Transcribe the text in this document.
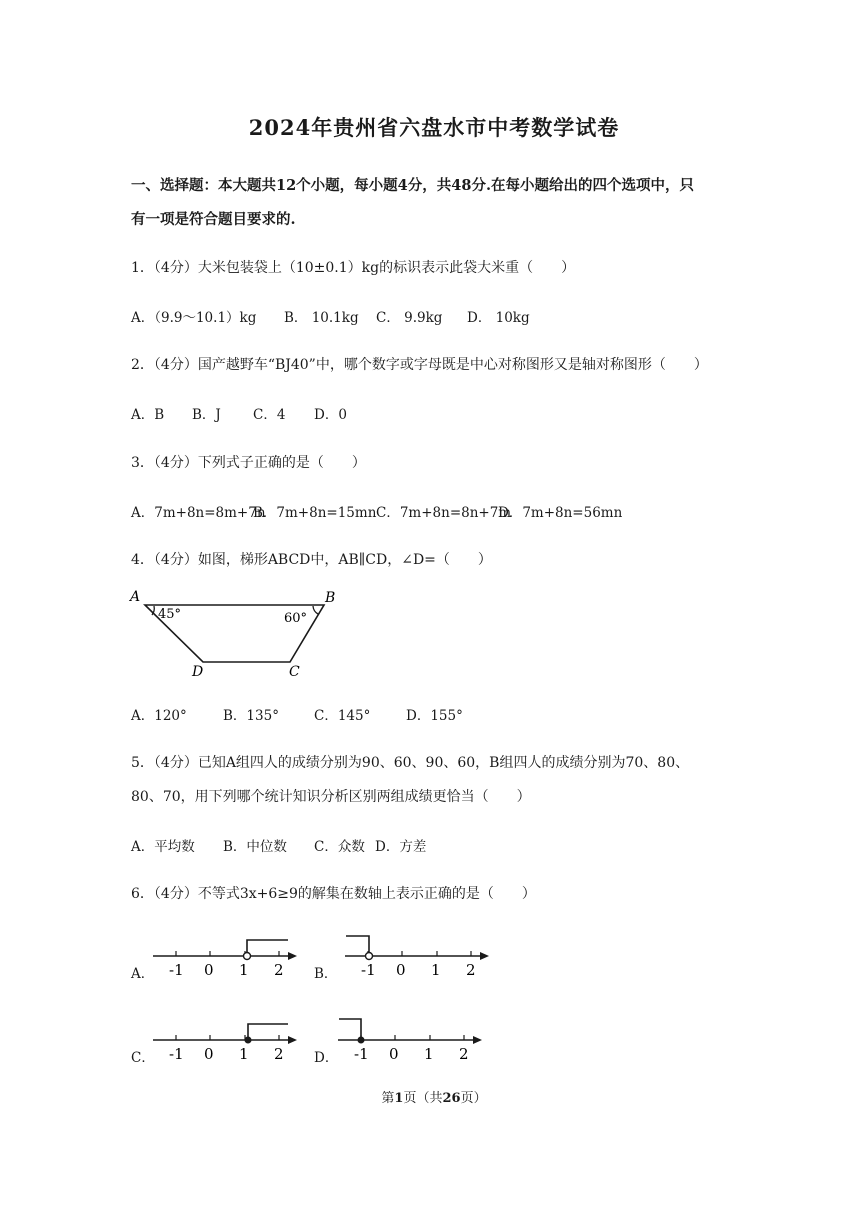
2024年贵州省六盘水市中考数学试卷
一、选择题：本大题共12个小题，每小题4分，共48分.在每小题给出的四个选项中，只
有一项是符合题目要求的.
1．（4分）大米包装袋上（10±0.1）kg的标识表示此袋大米重（　　）
A．（9.9～10.1）kg B． 10.1kg C． 9.9kg D． 10kg
2．（4分）国产越野车“BJ40”中，哪个数字或字母既是中心对称图形又是轴对称图形（　　）
A．B B．J C．4 D．0
3．（4分）下列式子正确的是（　　）
A．7m+8n=8m+7n
B．7m+8n=15mn C．7m+8n=8n+7m
D．7m+8n=56mn
4．（4分）如图，梯形ABCD中，AB∥CD，∠D=（　　）
A	B
C
D
45°	60°
A．120°	B．135°	C．145°	D．155°
5．（4分）已知A组四人的成绩分别为90、60、90、60，B组四人的成绩分别为70、80、
80、70，用下列哪个统计知识分析区别两组成绩更恰当（　　）
A．平均数 B．中位数 C．众数 D．方差
6．（4分）不等式3x+6≥9的解集在数轴上表示正确的是（　　）
A． -1 0 1 2 B． -1 0 1 2
C． -1 0 1 2 D． -1 0 1 2
第1页（共26页）
